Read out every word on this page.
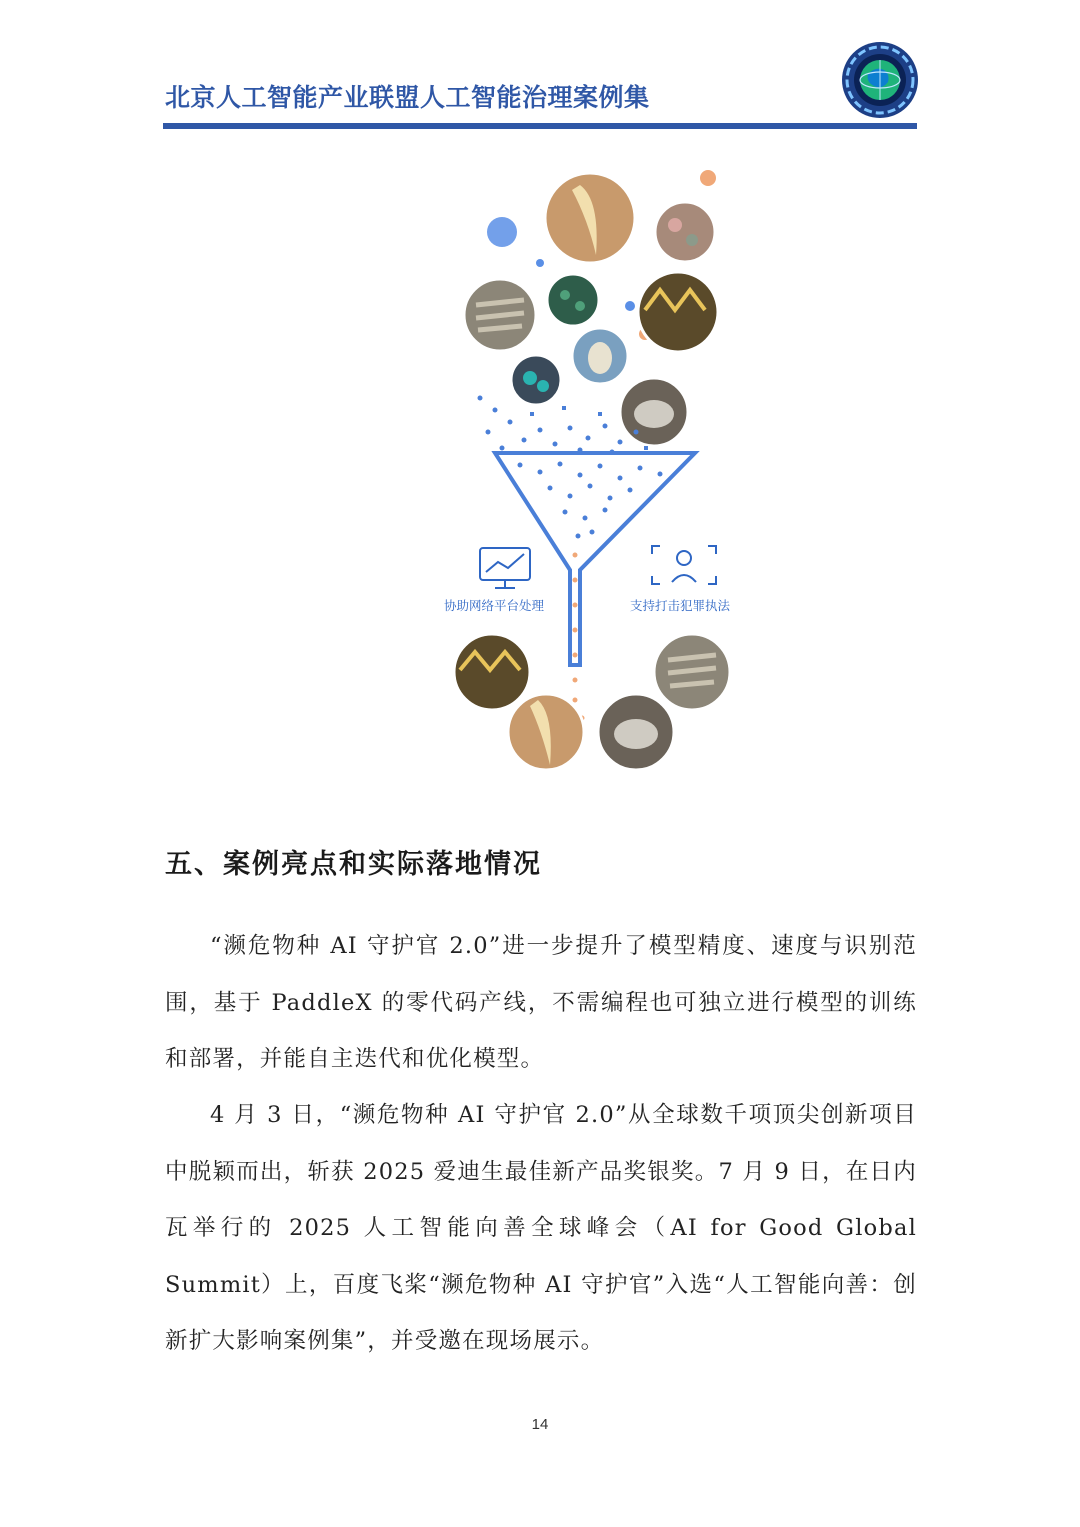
北京人工智能产业联盟人工智能治理案例集
协助网络平台处理	支持打击犯罪执法
五、案例亮点和实际落地情况

“濒危物种 AI 守护官 2.0”进一步提升了模型精度、速度与识别范围，基于 PaddleX 的零代码产线，不需编程也可独立进行模型的训练和部署，并能自主迭代和优化模型。

4 月 3 日，“濒危物种 AI 守护官 2.0”从全球数千项顶尖创新项目中脱颖而出，斩获 2025 爱迪生最佳新产品奖银奖。7 月 9 日，在日内瓦举行的 2025 人工智能向善全球峰会（AI for Good Global Summit）上，百度飞桨“濒危物种 AI 守护官”入选“人工智能向善：创新扩大影响案例集”，并受邀在现场展示。

14
